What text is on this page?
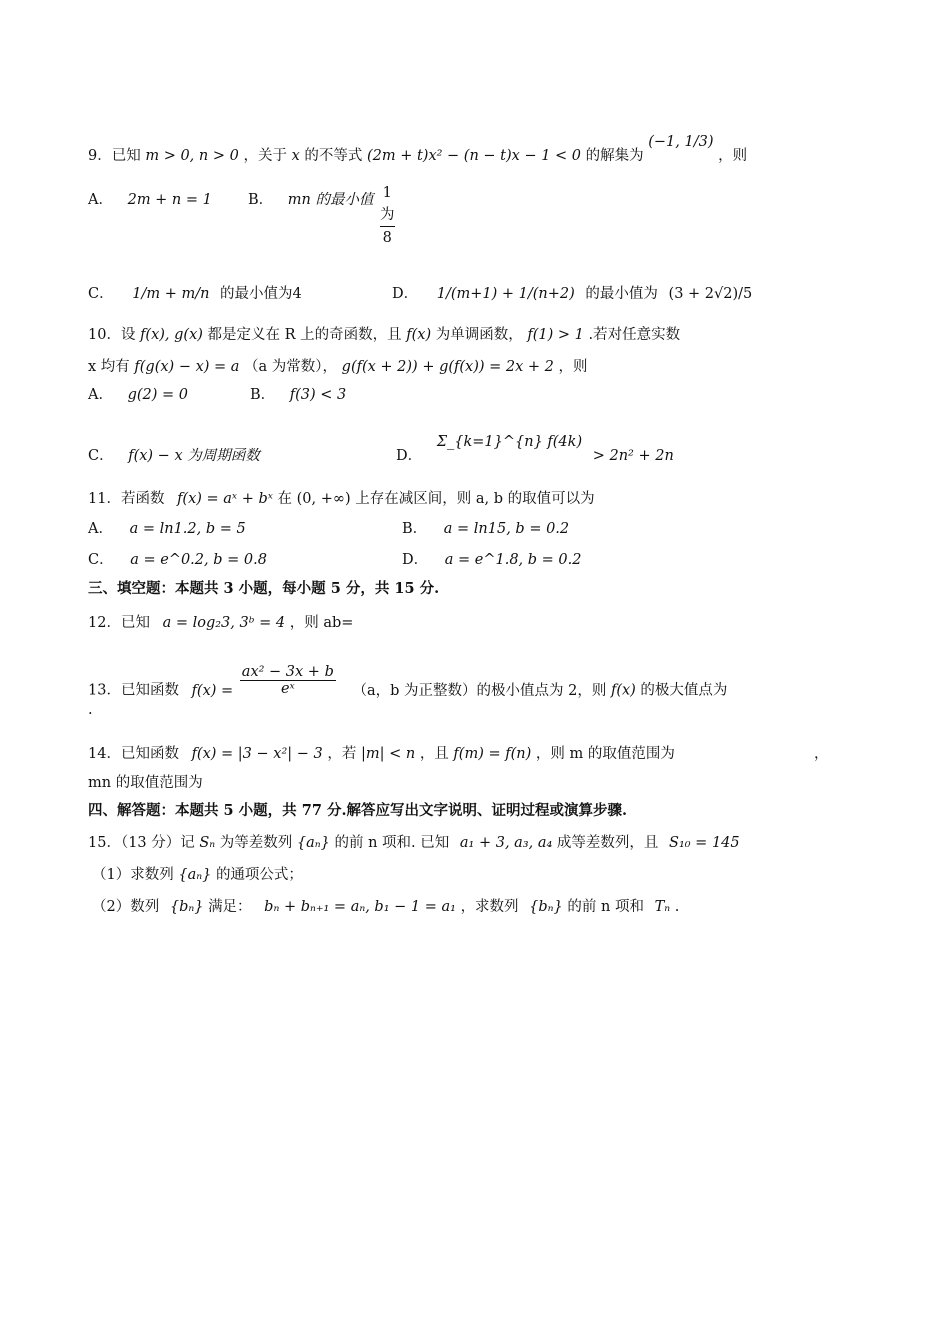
9．已知 m > 0, n > 0 ，关于 x 的不等式 (2m + t)x² − (n − t)x − 1 < 0 的解集为 (−1, 1/3) ，则
A． 2m + n = 1 B． mn 的最小值 1
为
8
C． 1/m + m/n 的最小值为4	D． 1/(m+1) + 1/(n+2) 的最小值为 (3 + 2√2)/5
10．设 f(x), g(x) 都是定义在 R 上的奇函数，且 f(x) 为单调函数， f(1) > 1 .若对任意实数
x 均有 f(g(x) − x) = a （a 为常数）， g(f(x + 2)) + g(f(x)) = 2x + 2 ，则
A． g(2) = 0	B． f(3) < 3
C． f(x) − x 为周期函数	D． Σ_{k=1}^{n} f(4k) > 2n² + 2n
11．若函数 f(x) = aˣ + bˣ 在 (0, +∞) 上存在减区间，则 a, b 的取值可以为
A． a = ln1.2, b = 5	B． a = ln15, b = 0.2
C． a = e^0.2, b = 0.8	D． a = e^1.8, b = 0.2
三、填空题：本题共 3 小题，每小题 5 分，共 15 分.
12．已知 a = log₂3, 3ᵇ = 4 ，则 ab=
13．已知函数 $f(x) = \frac{\text{ax² − 3x + b}}{\text{eˣ}} (a$，b 为正整数）的极小值点为 2，则 f(x) 的极大值点为
.
14．已知函数 f(x) = |3 − x²| − 3 ，若 |m| < n ，且 f(m) = f(n) ，则 m 的取值范围为	，
mn 的取值范围为
四、解答题：本题共 5 小题，共 77 分.解答应写出文字说明、证明过程或演算步骤.
15．（13 分）记 Sₙ 为等差数列 {aₙ} 的前 n 项和. 已知 a₁ + 3, a₃, a₄ 成等差数列，且 S₁₀ = 145
（1）求数列 {aₙ} 的通项公式；
（2）数列 {bₙ} 满足： bₙ + bₙ₊₁ = aₙ, b₁ − 1 = a₁ ，求数列 {bₙ} 的前 n 项和 Tₙ .
